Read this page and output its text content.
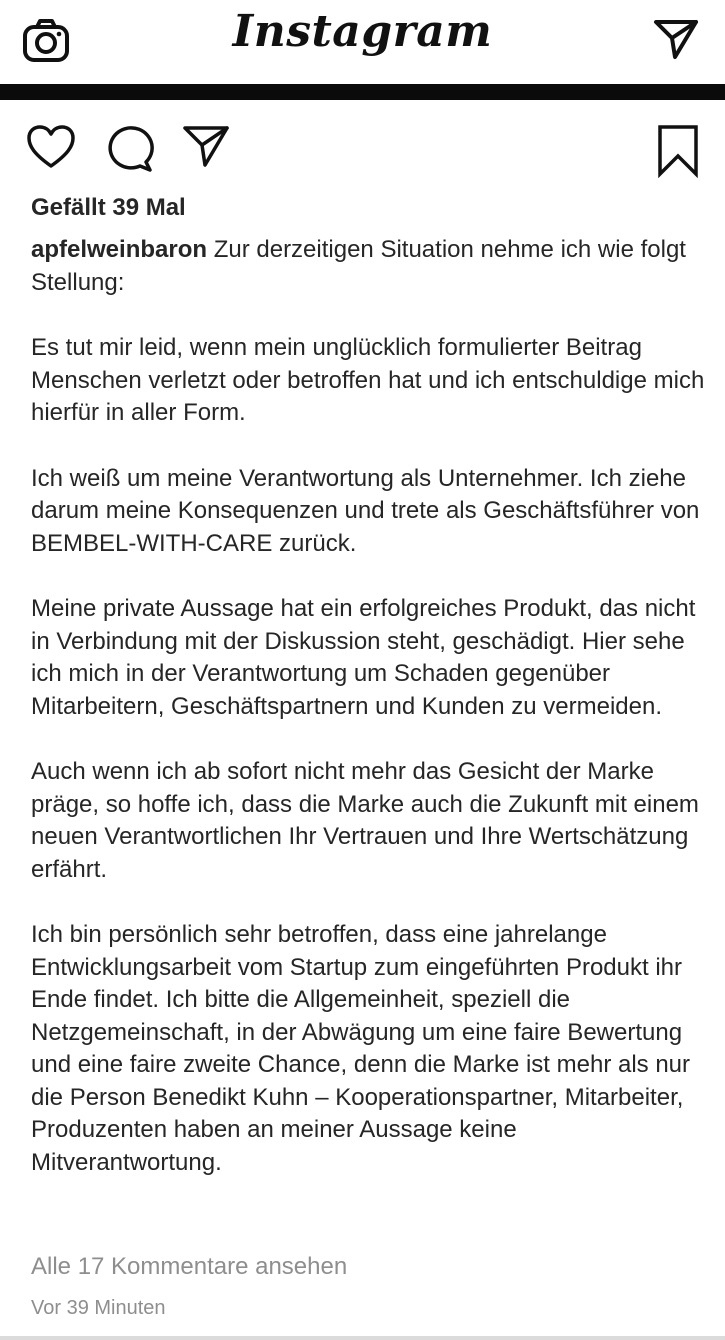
Instagram
Gefällt 39 Mal

apfelweinbaron Zur derzeitigen Situation nehme ich wie folgt Stellung:

Es tut mir leid, wenn mein unglücklich formulierter Beitrag Menschen verletzt oder betroffen hat und ich entschuldige mich hierfür in aller Form.

Ich weiß um meine Verantwortung als Unternehmer. Ich ziehe darum meine Konsequenzen und trete als Geschäftsführer von BEMBEL-WITH-CARE zurück.

Meine private Aussage hat ein erfolgreiches Produkt, das nicht in Verbindung mit der Diskussion steht, geschädigt. Hier sehe ich mich in der Verantwortung um Schaden gegenüber Mitarbeitern, Geschäftspartnern und Kunden zu vermeiden.

Auch wenn ich ab sofort nicht mehr das Gesicht der Marke präge, so hoffe ich, dass die Marke auch die Zukunft mit einem neuen Verantwortlichen Ihr Vertrauen und Ihre Wertschätzung erfährt.

Ich bin persönlich sehr betroffen, dass eine jahrelange Entwicklungsarbeit vom Startup zum eingeführten Produkt ihr Ende findet. Ich bitte die Allgemeinheit, speziell die Netzgemeinschaft, in der Abwägung um eine faire Bewertung und eine faire zweite Chance, denn die Marke ist mehr als nur die Person Benedikt Kuhn – Kooperationspartner, Mitarbeiter, Produzenten haben an meiner Aussage keine Mitverantwortung.

Alle 17 Kommentare ansehen
Vor 39 Minuten
